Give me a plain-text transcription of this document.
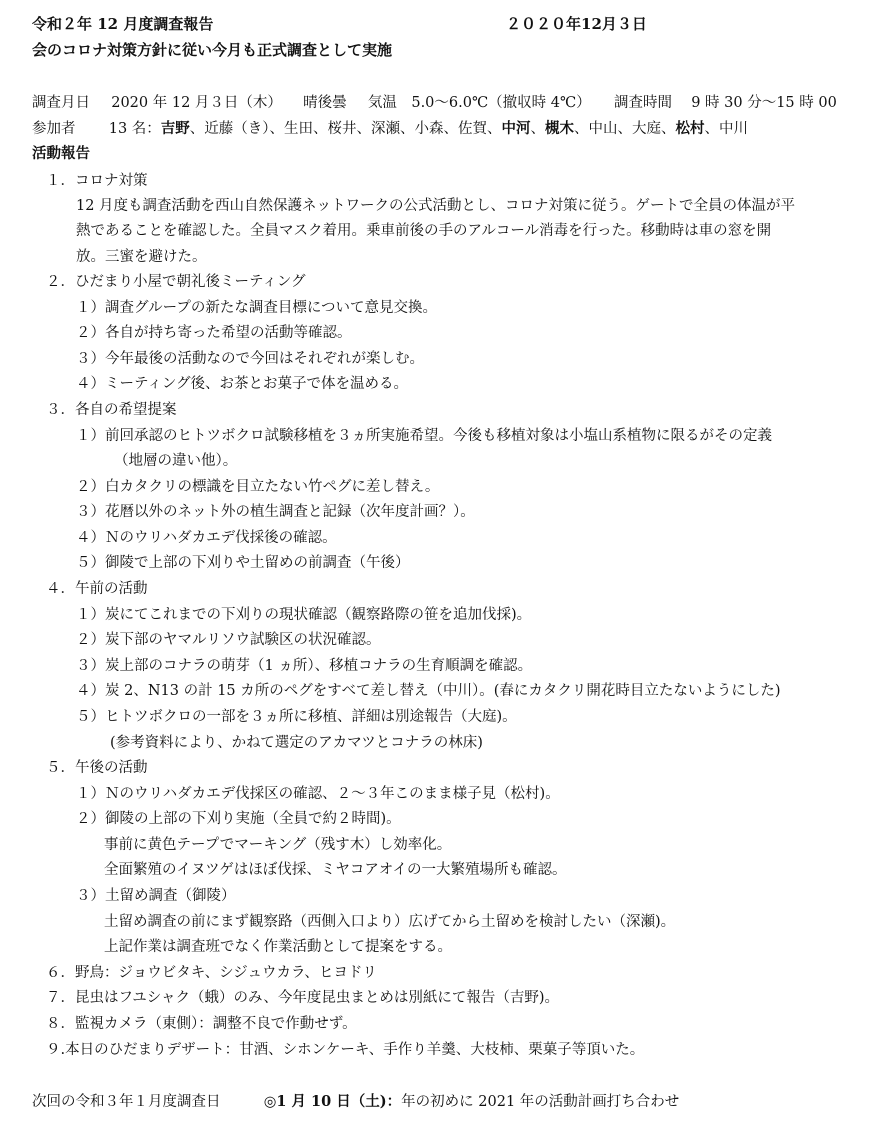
令和２年 12 月度調査報告	２０２０年12月３日
会のコロナ対策方針に従い今月も正式調査として実施
調査月日 2020 年 12 月３日（木） 晴後曇 気温　5.0～6.0℃（撤収時 4℃） 調査時間 9 時 30 分～15 時 00
参加者 13 名：吉野、近藤（き）、生田、桜井、深瀬、小森、佐賀、中河、槻木、中山、大庭、松村、中川
活動報告
１．コロナ対策
12 月度も調査活動を西山自然保護ネットワークの公式活動とし、コロナ対策に従う。ゲートで全員の体温が平
熱であることを確認した。全員マスク着用。乗車前後の手のアルコール消毒を行った。移動時は車の窓を開
放。三蜜を避けた。
２．ひだまり小屋で朝礼後ミーティング
１）調査グループの新たな調査目標について意見交換。
２）各自が持ち寄った希望の活動等確認。
３）今年最後の活動なので今回はそれぞれが楽しむ。
４）ミーティング後、お茶とお菓子で体を温める。
３．各自の希望提案
１）前回承認のヒトツボクロ試験移植を３ヵ所実施希望。今後も移植対象は小塩山系植物に限るがその定義
（地層の違い他）。
２）白カタクリの標識を目立たない竹ペグに差し替え。
３）花暦以外のネット外の植生調査と記録（次年度計画？）。
４）Ｎのウリハダカエデ伐採後の確認。
５）御陵で上部の下刈りや土留めの前調査（午後）
４．午前の活動
１）炭にてこれまでの下刈りの現状確認（観察路際の笹を追加伐採)。
２）炭下部のヤマルリソウ試験区の状況確認。
３）炭上部のコナラの萌芽（1 ヵ所）、移植コナラの生育順調を確認。
４）炭 2、N13 の計 15 カ所のペグをすべて差し替え（中川）。(春にカタクリ開花時目立たないようにした)
５）ヒトツボクロの一部を３ヵ所に移植、詳細は別途報告（大庭)。
(参考資料により、かねて選定のアカマツとコナラの林床)
５．午後の活動
１）Ｎのウリハダカエデ伐採区の確認、２～３年このまま様子見（松村)。
２）御陵の上部の下刈り実施（全員で約２時間)。
事前に黄色テープでマーキング（残す木）し効率化。
全面繁殖のイヌツゲはほぼ伐採、ミヤコアオイの一大繁殖場所も確認。
３）土留め調査（御陵）
土留め調査の前にまず観察路（西側入口より）広げてから土留めを検討したい（深瀬)。
上記作業は調査班でなく作業活動として提案をする。
６．野鳥：ジョウビタキ、シジュウカラ、ヒヨドリ
７．昆虫はフユシャク（蛾）のみ、今年度昆虫まとめは別紙にて報告（吉野)。
８．監視カメラ（東側）：調整不良で作動せず。
９.本日のひだまりデザート：甘酒、シホンケーキ、手作り羊羹、大枝柿、栗菓子等頂いた。
次回の令和３年１月度調査日	◎1 月 10 日（土)：年の初めに 2021 年の活動計画打ち合わせ
